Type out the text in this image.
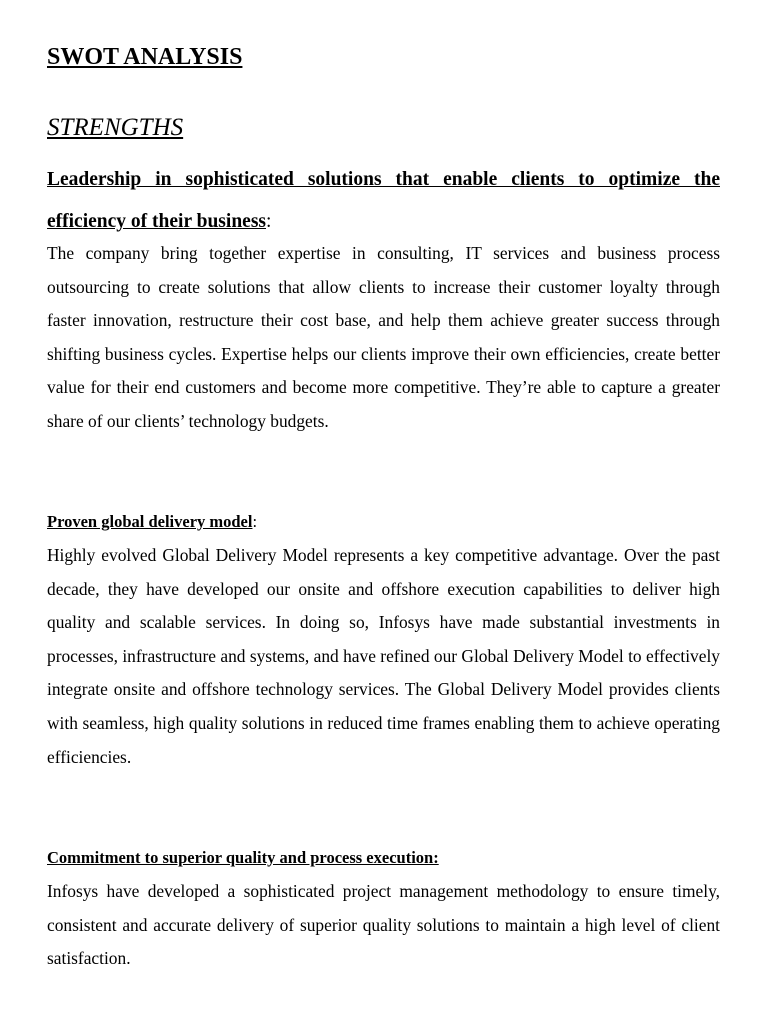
SWOT ANALYSIS
STRENGTHS

Leadership in sophisticated solutions that enable clients to optimize the efficiency of their business:

The company bring together expertise in consulting, IT services and business process outsourcing to create solutions that allow clients to increase their customer loyalty through faster innovation, restructure their cost base, and help them achieve greater success through shifting business cycles. Expertise helps our clients improve their own efficiencies, create better value for their end customers and become more competitive. They’re able to capture a greater share of our clients’ technology budgets.

Proven global delivery model:

Highly evolved Global Delivery Model represents a key competitive advantage. Over the past decade, they have developed our onsite and offshore execution capabilities to deliver high quality and scalable services. In doing so, Infosys have made substantial investments in processes, infrastructure and systems, and have refined our Global Delivery Model to effectively integrate onsite and offshore technology services. The Global Delivery Model provides clients with seamless, high quality solutions in reduced time frames enabling them to achieve operating efficiencies.

Commitment to superior quality and process execution:

Infosys have developed a sophisticated project management methodology to ensure timely, consistent and accurate delivery of superior quality solutions to maintain a high level of client satisfaction.
